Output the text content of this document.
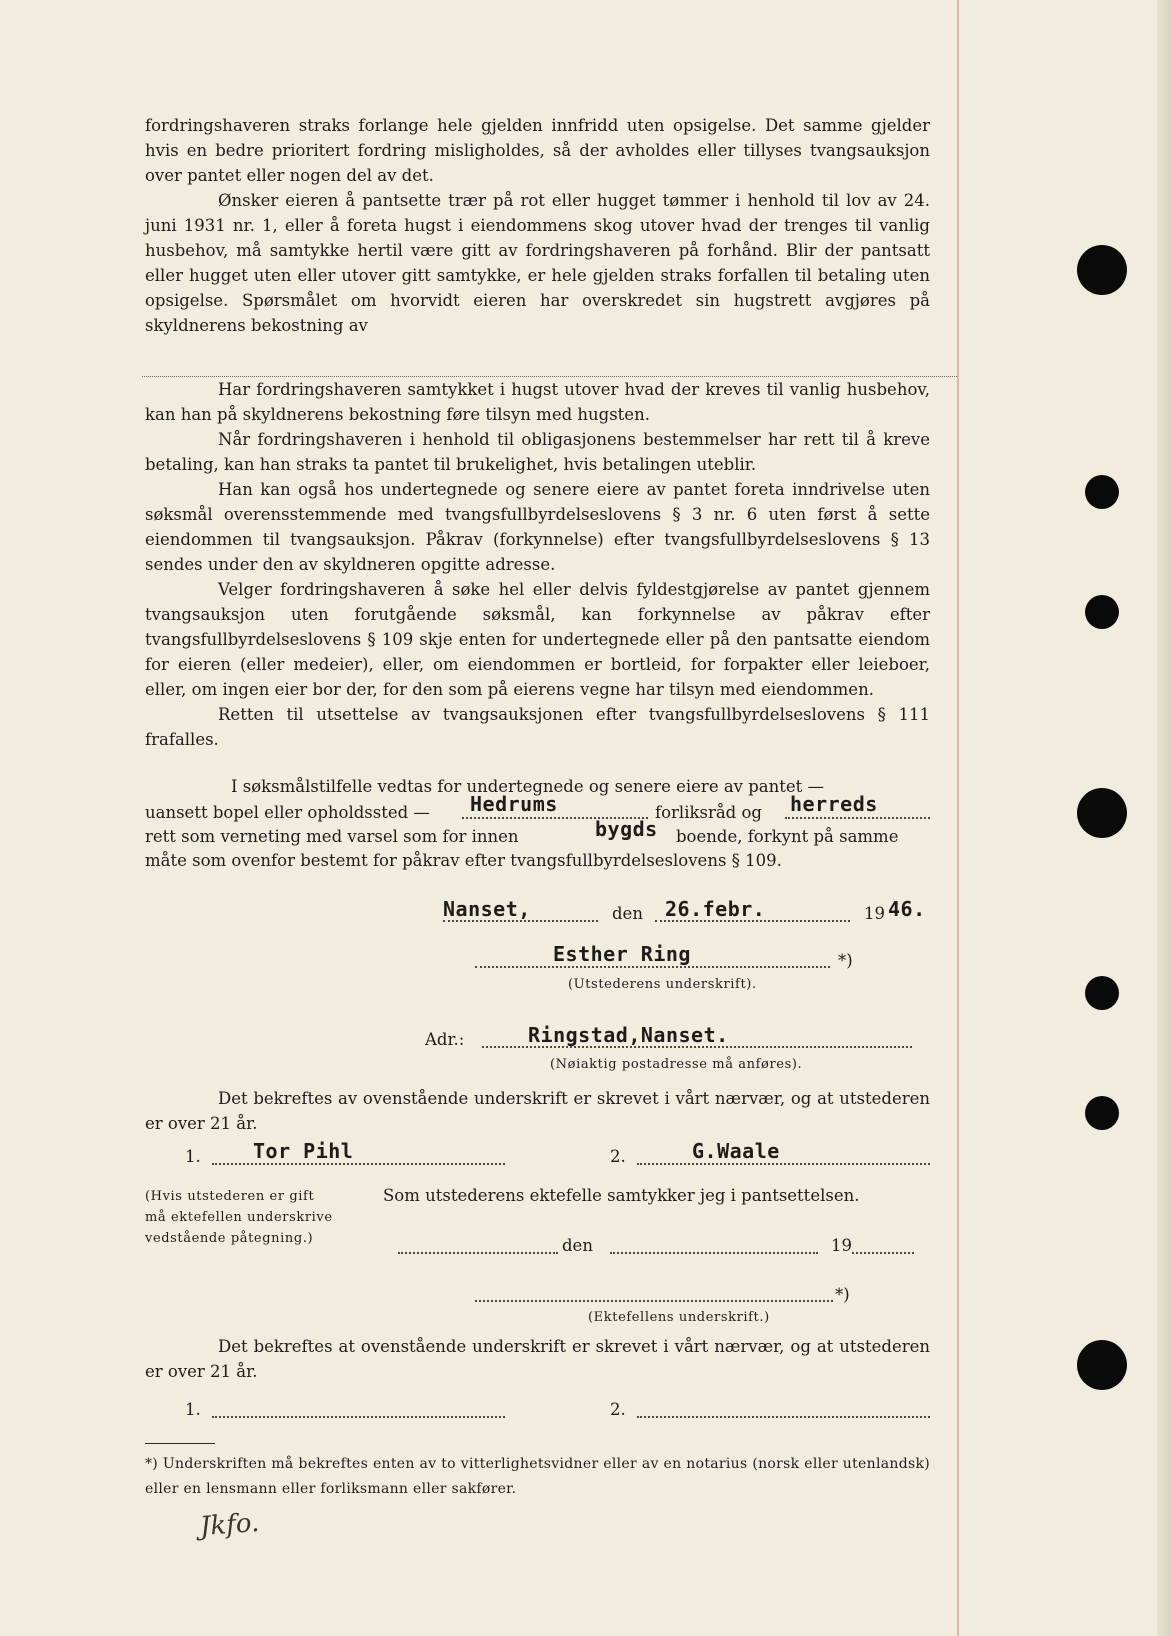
fordringshaveren straks forlange hele gjelden innfridd uten opsigelse. Det samme gjelder hvis en bedre prioritert fordring misligholdes, så der avholdes eller tillyses tvangsauksjon over pantet eller nogen del av det.

Ønsker eieren å pantsette trær på rot eller hugget tømmer i henhold til lov av 24. juni 1931 nr. 1, eller å foreta hugst i eiendommens skog utover hvad der trenges til vanlig husbehov, må samtykke hertil være gitt av fordringshaveren på forhånd. Blir der pantsatt eller hugget uten eller utover gitt samtykke, er hele gjelden straks forfallen til betaling uten opsigelse. Spørsmålet om hvorvidt eieren har overskredet sin hugstrett avgjøres på skyldnerens bekostning av

Har fordringshaveren samtykket i hugst utover hvad der kreves til vanlig husbehov, kan han på skyldnerens bekostning føre tilsyn med hugsten.

Når fordringshaveren i henhold til obligasjonens bestemmelser har rett til å kreve betaling, kan han straks ta pantet til brukelighet, hvis betalingen uteblir.

Han kan også hos undertegnede og senere eiere av pantet foreta inndrivelse uten søksmål overensstemmende med tvangsfullbyrdelseslovens § 3 nr. 6 uten først å sette eiendommen til tvangsauksjon. Påkrav (forkynnelse) efter tvangsfullbyrdelseslovens § 13 sendes under den av skyldneren opgitte adresse.

Velger fordringshaveren å søke hel eller delvis fyldestgjørelse av pantet gjennem tvangsauksjon uten forutgående søksmål, kan forkynnelse av påkrav efter tvangsfullbyrdelseslovens § 109 skje enten for undertegnede eller på den pantsatte eiendom for eieren (eller medeier), eller, om eiendommen er bortleid, for forpakter eller leieboer, eller, om ingen eier bor der, for den som på eierens vegne har tilsyn med eiendommen.

Retten til utsettelse av tvangsauksjonen efter tvangsfullbyrdelseslovens § 111 frafalles.

I søksmålstilfelle vedtas for undertegnede og senere eiere av pantet —
uansett bopel eller opholdssted — Hedrums	forliksråd og herreds
rett som verneting med varsel som for innen	bygds boende, forkynt på samme
måte som ovenfor bestemt for påkrav efter tvangsfullbyrdelseslovens § 109.
Nanset,	den 26.febr.	19 46.
Esther Ring	*)
(Utstederens underskrift).
Adr.:	Ringstad,Nanset.
(Nøiaktig postadresse må anføres).

Det bekreftes av ovenstående underskrift er skrevet i vårt nærvær, og at utstederen er over 21 år.

1.	Tor Pihl	2.	G.Waale
(Hvis utstederen er gift
må ektefellen underskrive
vedstående påtegning.)
Som utstederens ektefelle samtykker jeg i pantsettelsen.
den	19
*)
(Ektefellens underskrift.)

Det bekreftes at ovenstående underskrift er skrevet i vårt nærvær, og at utstederen er over 21 år.

1.	2.
*) Underskriften må bekreftes enten av to vitterlighetsvidner eller av en notarius (norsk eller utenlandsk) eller en lensmann eller forliksmann eller sakfører.
Jkfo.
